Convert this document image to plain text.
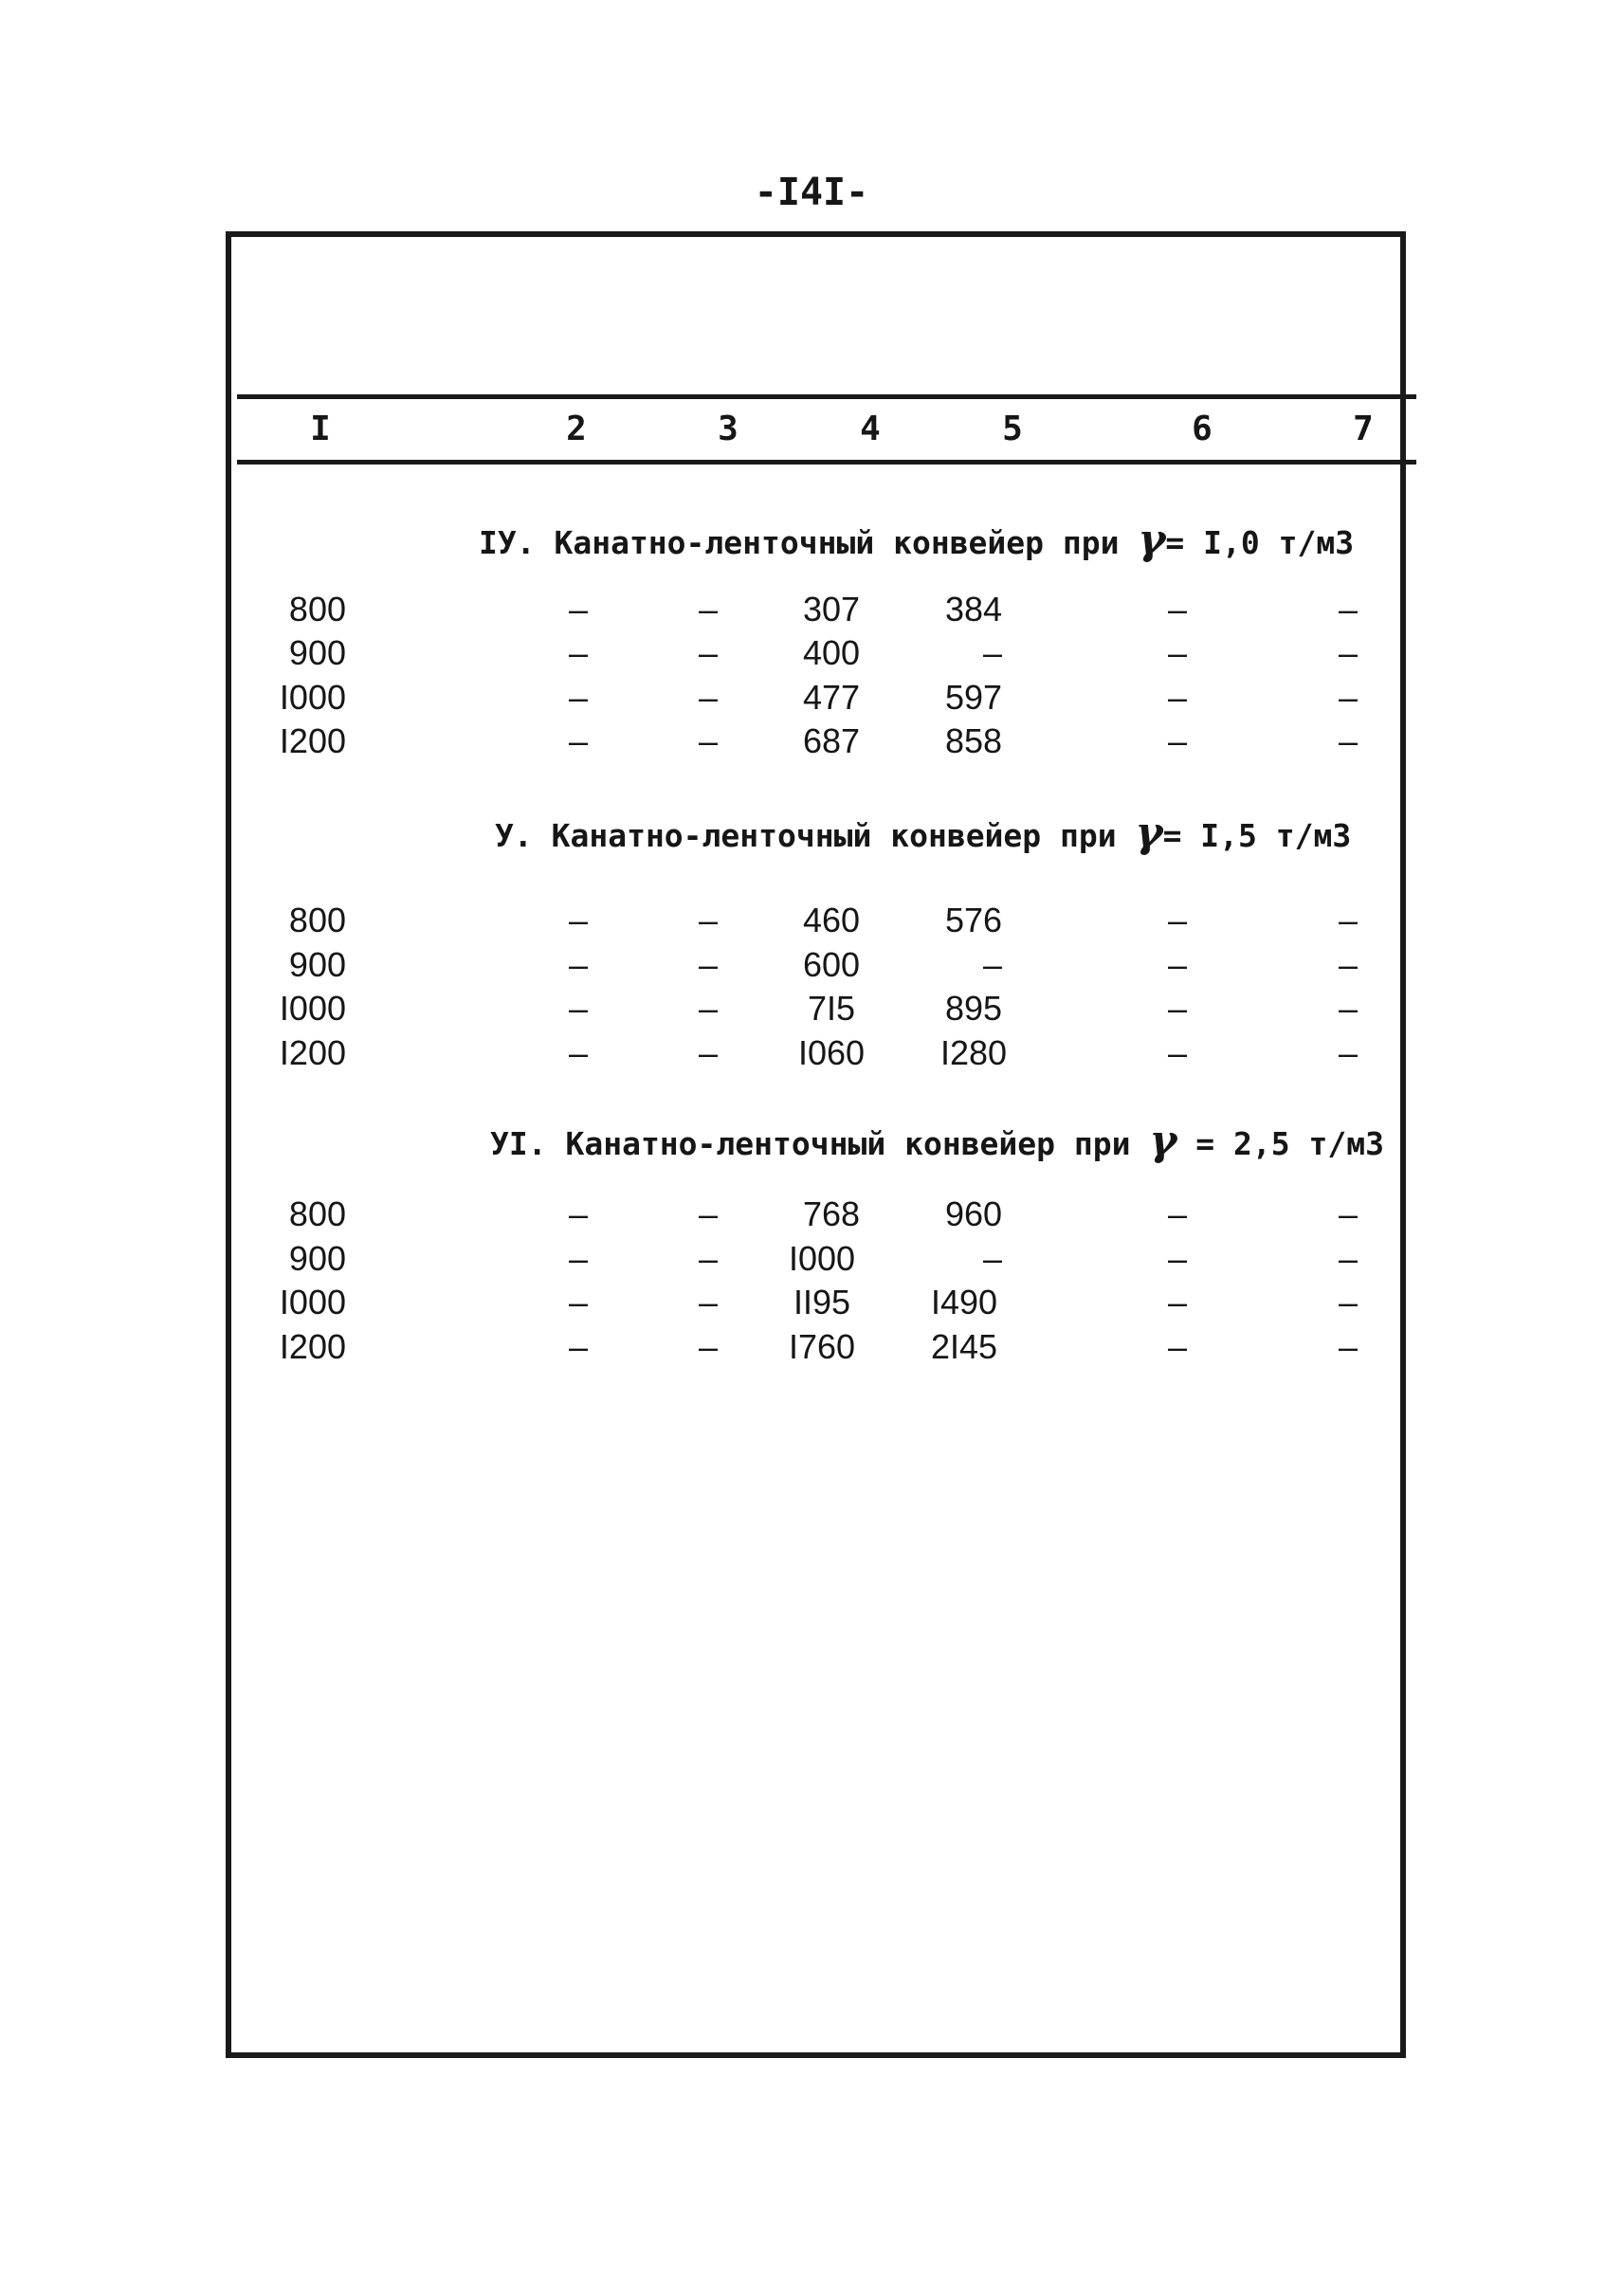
-I4I-
I	2	3	4	5	6	7
IУ. Канатно-ленточный конвейер при γ= I,0 т/м3
800	–	–	307	384	–	–
900	–	–	400	–	–	–
I000	–	–	477	597	–	–
I200	–	–	687	858	–	–
У. Канатно-ленточный конвейер при γ= I,5 т/м3
800	–	–	460	576	–	–
900	–	–	600	–	–	–
I000	–	–	7I5	895	–	–
I200	–	–	I060	I280	–	–
УI. Канатно-ленточный конвейер при γ = 2,5 т/м3
800	–	–	768	960	–	–
900	–	–	I000	–	–	–
I000	–	–	II95	I490	–	–
I200	–	–	I760	2I45	–	–
